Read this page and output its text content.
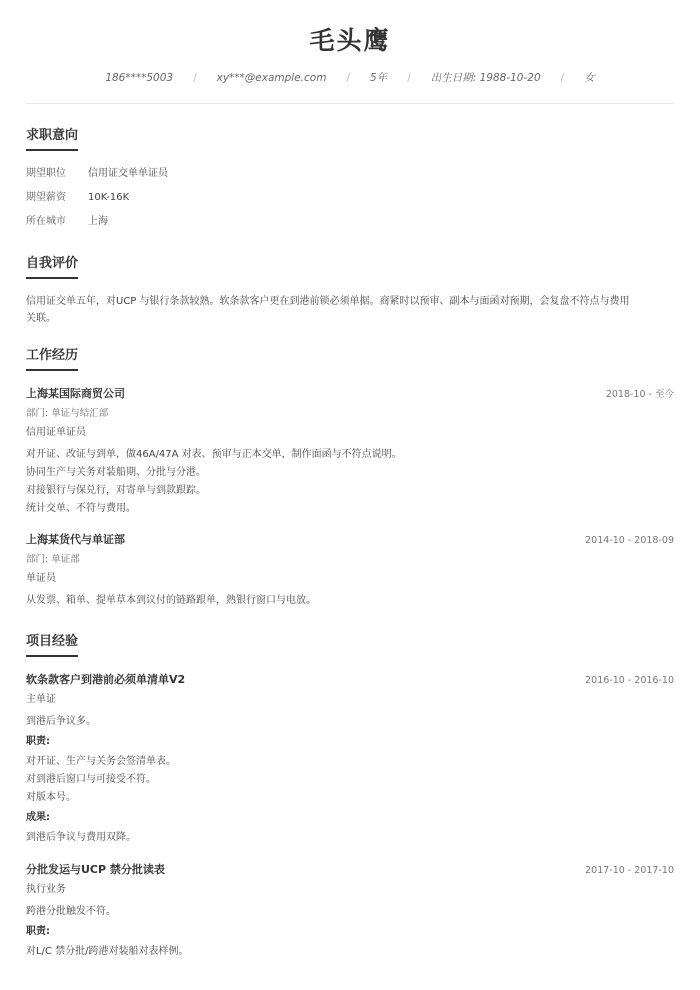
毛头鹰
186****5003 / xy***@example.com / 5年 / 出生日期: 1988-10-20 / 女
求职意向
期望职位	信用证交单单证员
期望薪资	10K-16K
所在城市	上海
自我评价
信用证交单五年，对UCP 与银行条款较熟。软条款客户更在到港前锁必须单据。商紧时以预审、副本与面函对预期，会复盘不符点与费用
关联。
工作经历
上海某国际商贸公司	2018-10 - 至今
部门: 单证与结汇部
信用证单证员
对开证、改证与到单，做46A/47A 对表、预审与正本交单，制作面函与不符点说明。
协同生产与关务对装船期、分批与分港。
对接银行与保兑行，对寄单与到款跟踪。
统计交单、不符与费用。
上海某货代与单证部	2014-10 - 2018-09
部门: 单证部
单证员
从发票、箱单、提单草本到议付的链路跟单，熟银行窗口与电放。
项目经验
软条款客户到港前必须单清单V2	2016-10 - 2016-10
主单证
到港后争议多。
职责:
对开证、生产与关务会签清单表。
对到港后窗口与可接受不符。
对版本号。
成果:
到港后争议与费用双降。
分批发运与UCP 禁分批读表	2017-10 - 2017-10
执行业务
跨港分批触发不符。
职责:
对L/C 禁分批/跨港对装船对表样例。
